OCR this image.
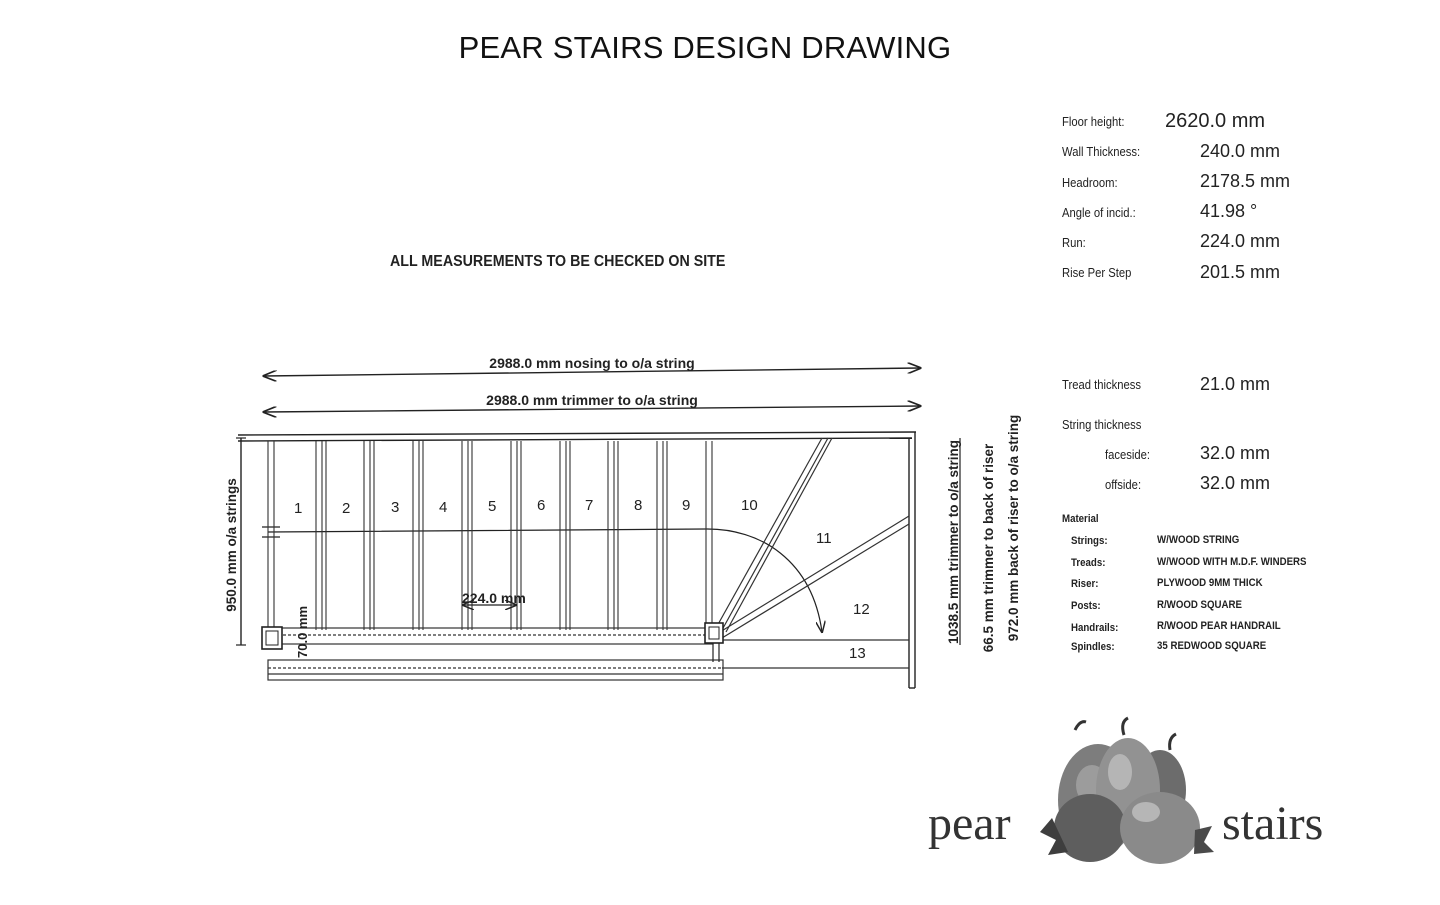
PEAR STAIRS DESIGN DRAWING
ALL MEASUREMENTS TO BE CHECKED ON SITE
Floor height: 2620.0 mm
Wall Thickness:	240.0 mm
Headroom:	2178.5 mm
Angle of incid.:	41.98 °
Run:	224.0 mm
Rise Per Step	201.5 mm
Tread thickness	21.0 mm
String thickness
faceside:	32.0 mm
offside:	32.0 mm
Material
Strings:	W/WOOD STRING
Treads:	W/WOOD WITH M.D.F. WINDERS
Riser:	PLYWOOD 9MM THICK
Posts:	R/WOOD SQUARE
Handrails:	R/WOOD PEAR HANDRAIL
Spindles:	35 REDWOOD SQUARE
2988.0 mm nosing to o/a string
2988.0 mm trimmer to o/a string
950.0 mm o/a strings	224.0 mm
70.0 mm
1	2	3	4	5	6	7	8	9	10
11
12
13
1038.5 mm trimmer to o/a string 66.5 mm trimmer to back of riser 972.0 mm back of riser to o/a string
pear	stairs
